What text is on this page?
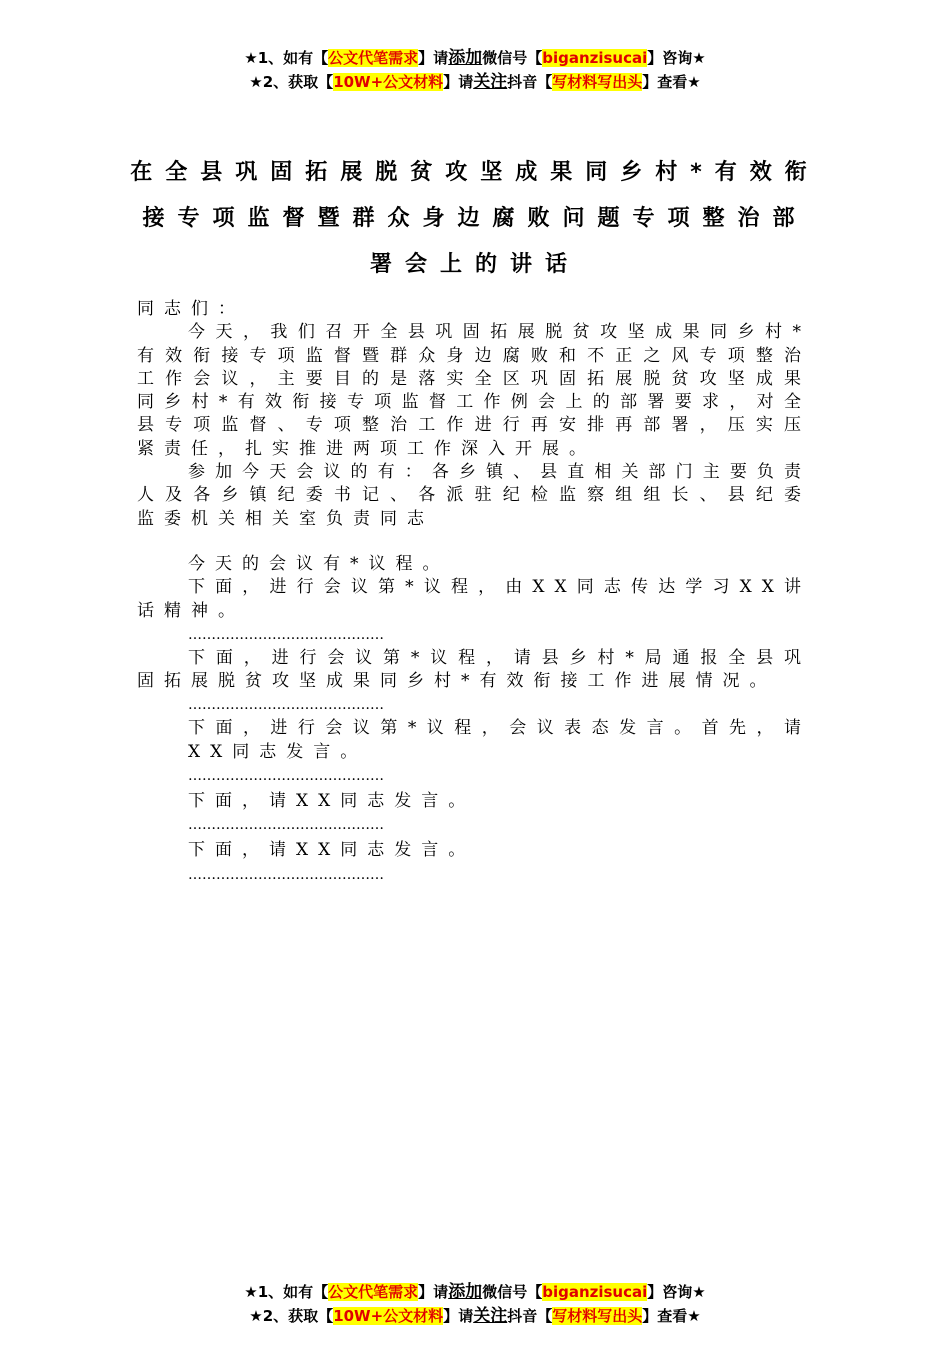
★1、如有【公文代笔需求】请添加微信号【biganzisucai】咨询★
★2、获取【10W+公文材料】请关注抖音【写材料写出头】查看★
在全县巩固拓展脱贫攻坚成果同乡村*有效衔接专项监督暨群众身边腐败问题专项整治部署会上的讲话

同志们：

今天，我们召开全县巩固拓展脱贫攻坚成果同乡村*有效衔接专项监督暨群众身边腐败和不正之风专项整治工作会议，主要目的是落实全区巩固拓展脱贫攻坚成果同乡村*有效衔接专项监督工作例会上的部署要求，对全县专项监督、专项整治工作进行再安排再部署，压实压紧责任，扎实推进两项工作深入开展。

参加今天会议的有：各乡镇、县直相关部门主要负责人及各乡镇纪委书记、各派驻纪检监察组组长、县纪委监委机关相关室负责同志

今天的会议有*议程。

下面，进行会议第*议程，由XX同志传达学习XX讲话精神。

……………………………………

下面，进行会议第*议程，请县乡村*局通报全县巩固拓展脱贫攻坚成果同乡村*有效衔接工作进展情况。

……………………………………

下面，进行会议第*议程，会议表态发言。首先，请XX同志发言。

……………………………………

下面，请XX同志发言。

……………………………………

下面，请XX同志发言。

……………………………………

★1、如有【公文代笔需求】请添加微信号【biganzisucai】咨询★
★2、获取【10W+公文材料】请关注抖音【写材料写出头】查看★
